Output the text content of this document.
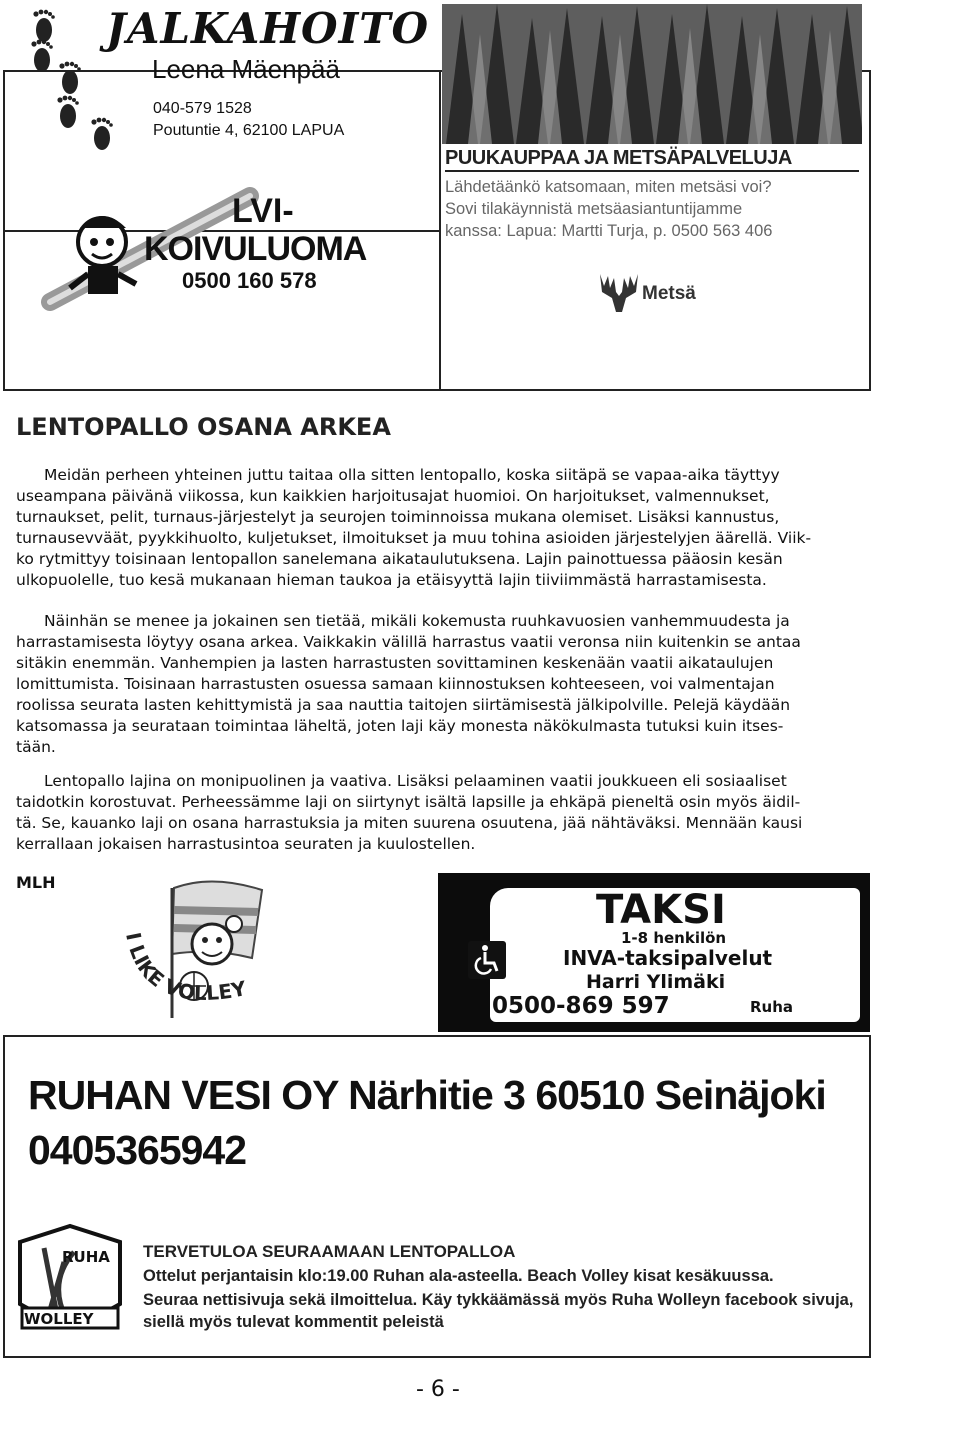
JALKAHOITO
Leena Mäenpää
040-579 1528
Poutuntie 4, 62100 LAPUA
LVI-
KOIVULUOMA
0500 160 578
PUUKAUPPAA JA METSÄPALVELUJA
Lähdetäänkö katsomaan, miten metsäsi voi?
Sovi tilakäynnistä metsäasiantuntijamme
kanssa: Lapua: Martti Turja, p. 0500 563 406
Metsä
LENTOPALLO OSANA ARKEA
Meidän perheen yhteinen juttu taitaa olla sitten lentopallo, koska siitäpä se vapaa-aika täyttyy
useampana päivänä viikossa, kun kaikkien harjoitusajat huomioi. On harjoitukset, valmennukset,
turnaukset, pelit, turnaus-järjestelyt ja seurojen toiminnoissa mukana olemiset. Lisäksi kannustus,
turnausevväät, pyykkihuolto, kuljetukset, ilmoitukset ja muu tohina asioiden järjestelyjen äärellä. Viik-
ko rytmittyy toisinaan lentopallon sanelemana aikataulutuksena. Lajin painottuessa pääosin kesän
ulkopuolelle, tuo kesä mukanaan hieman taukoa ja etäisyyttä lajin tiiviimmästä harrastamisesta.
Näinhän se menee ja jokainen sen tietää, mikäli kokemusta ruuhkavuosien vanhemmuudesta ja
harrastamisesta löytyy osana arkea. Vaikkakin välillä harrastus vaatii veronsa niin kuitenkin se antaa
sitäkin enemmän. Vanhempien ja lasten harrastusten sovittaminen keskenään vaatii aikataulujen
lomittumista. Toisinaan harrastusten osuessa samaan kiinnostuksen kohteeseen, voi valmentajan
roolissa seurata lasten kehittymistä ja saa nauttia taitojen siirtämisestä jälkipolville. Pelejä käydään
katsomassa ja seurataan toimintaa läheltä, joten laji käy monesta näkökulmasta tutuksi kuin itses-
tään.
Lentopallo lajina on monipuolinen ja vaativa. Lisäksi pelaaminen vaatii joukkueen eli sosiaaliset
taidotkin korostuvat. Perheessämme laji on siirtynyt isältä lapsille ja ehkäpä pieneltä osin myös äidil-
tä. Se, kauanko laji on osana harrastuksia ja miten suurena osuutena, jää nähtäväksi. Mennään kausi
kerrallaan jokaisen harrastusintoa seuraten ja kuulostellen.
MLH
I LIKE VOLLEY
TAKSI
1-8 henkilön
INVA-taksipalvelut
Harri Ylimäki
0500-869 597	Ruha
RUHAN VESI OY Närhitie 3 60510 Seinäjoki
0405365942
RUHA
WOLLEY
TERVETULOA SEURAAMAAN LENTOPALLOA
Ottelut perjantaisin klo:19.00 Ruhan ala-asteella. Beach Volley kisat kesäkuussa.
Seuraa nettisivuja sekä ilmoittelua. Käy tykkäämässä myös Ruha Wolleyn facebook sivuja,
siellä myös tulevat kommentit peleistä
- 6 -
